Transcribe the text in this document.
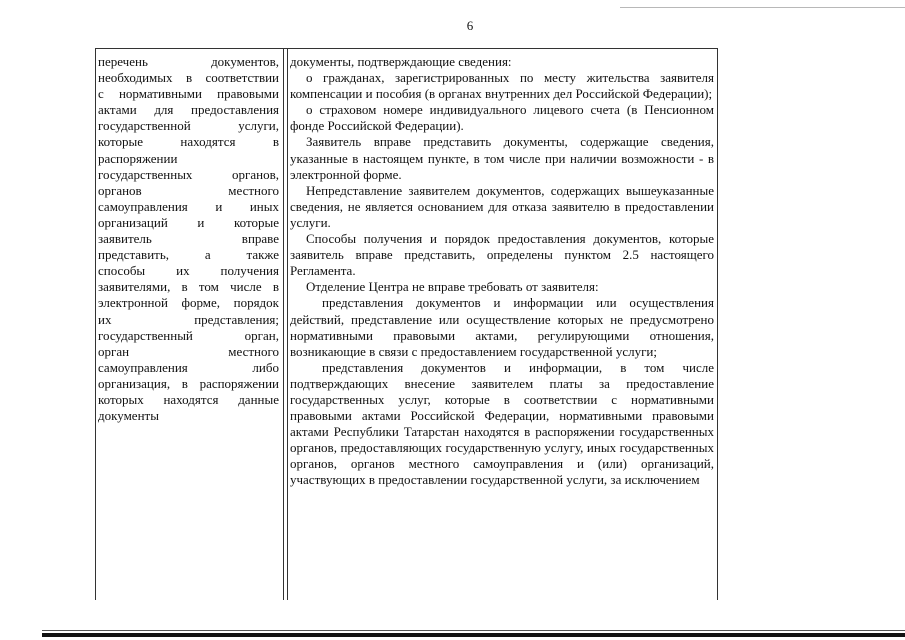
6
перечень документов,
необходимых в соответствии
с нормативными правовыми
актами для предоставления
государственной услуги,
которые находятся в
распоряжении
государственных органов,
органов местного
самоуправления и иных
организаций и которые
заявитель вправе
представить, а также
способы их получения
заявителями, в том числе в
электронной форме, порядок
их представления;
государственный орган,
орган местного
самоуправления либо
организация, в распоряжении
которых находятся данные
документы

документы, подтверждающие сведения:

о гражданах, зарегистрированных по месту жительства заявителя компенсации и пособия (в органах внутренних дел Российской Федерации);

о страховом номере индивидуального лицевого счета (в Пенсионном фонде Российской Федерации).

Заявитель вправе представить документы, содержащие сведения, указанные в настоящем пункте, в том числе при наличии возможности - в электронной форме.

Непредставление заявителем документов, содержащих вышеуказанные сведения, не является основанием для отказа заявителю в предоставлении услуги.

Способы получения и порядок предоставления документов, которые заявитель вправе представить, определены пунктом 2.5 настоящего Регламента.

Отделение Центра не вправе требовать от заявителя:

представления документов и информации или осуществления действий, представление или осуществление которых не предусмотрено нормативными правовыми актами, регулирующими отношения, возникающие в связи с предоставлением государственной услуги;

представления документов и информации, в том числе подтверждающих внесение заявителем платы за предоставление государственных услуг, которые в соответствии с нормативными правовыми актами Российской Федерации, нормативными правовыми актами Республики Татарстан находятся в распоряжении государственных органов, предоставляющих государственную услугу, иных государственных органов, органов местного самоуправления и (или) организаций, участвующих в предоставлении государственной услуги, за исключением
